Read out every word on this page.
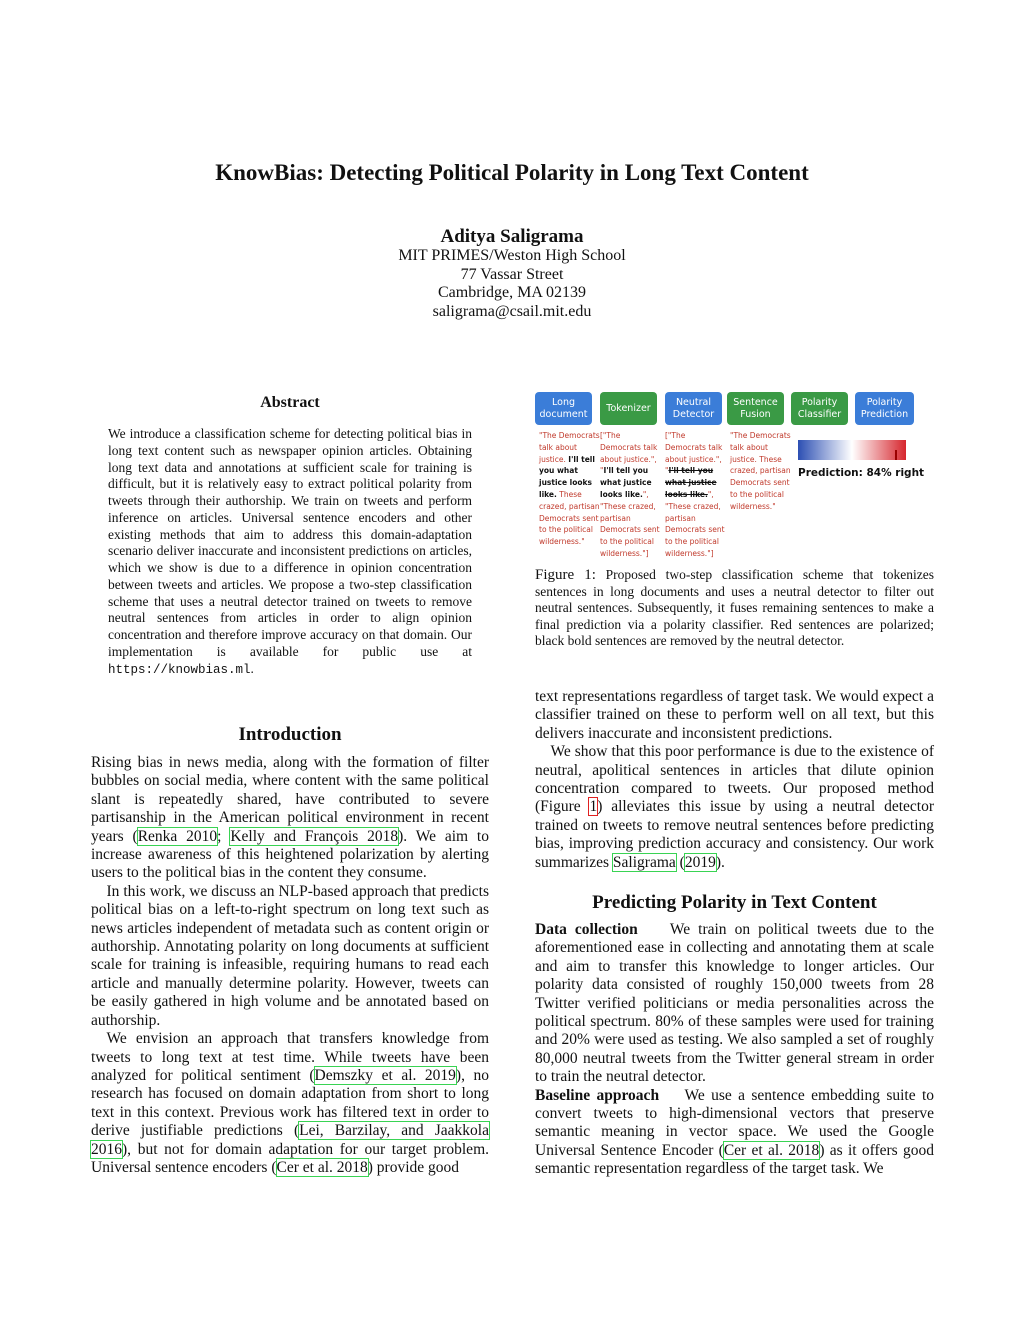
KnowBias: Detecting Political Polarity in Long Text Content
Aditya Saligrama
MIT PRIMES/Weston High School
77 Vassar Street
Cambridge, MA 02139
saligrama@csail.mit.edu
Abstract
We introduce a classification scheme for detecting political bias in long text content such as newspaper opinion articles. Obtaining long text data and annotations at sufficient scale for training is difficult, but it is relatively easy to extract political polarity from tweets through their authorship. We train on tweets and perform inference on articles. Universal sentence encoders and other existing methods that aim to address this domain-adaptation scenario deliver inaccurate and inconsistent predictions on articles, which we show is due to a difference in opinion concentration between tweets and articles. We propose a two-step classification scheme that uses a neutral detector trained on tweets to remove neutral sentences from articles in order to align opinion concentration and therefore improve accuracy on that domain. Our implementation is available for public use at https://knowbias.ml.
Introduction

Rising bias in news media, along with the formation of filter bubbles on social media, where content with the same political slant is repeatedly shared, have contributed to severe partisanship in the American political environment in recent years (Renka 2010; Kelly and François 2018). We aim to increase awareness of this heightened polarization by alerting users to the political bias in the content they consume.

In this work, we discuss an NLP-based approach that predicts political bias on a left-to-right spectrum on long text such as news articles independent of metadata such as content origin or authorship. Annotating polarity on long documents at sufficient scale for training is infeasible, requiring humans to read each article and manually determine polarity. However, tweets can be easily gathered in high volume and be annotated based on authorship.

We envision an approach that transfers knowledge from tweets to long text at test time. While tweets have been analyzed for political sentiment (Demszky et al. 2019), no research has focused on domain adaptation from short to long text in this context. Previous work has filtered text in order to derive justifiable predictions (Lei, Barzilay, and Jaakkola 2016), but not for domain adaptation for our target problem. Universal sentence encoders (Cer et al. 2018) provide good

Long
document
Tokenizer
Neutral
Detector
Sentence
Fusion
Polarity
Classifier
Polarity
Prediction
"The Democrats talk about justice. I'll tell you what justice looks like. These crazed, partisan Democrats sent to the political wilderness."
["The Democrats talk about justice.", "I'll tell you what justice looks like.", "These crazed, partisan Democrats sent to the political wilderness."]
["The Democrats talk about justice.", "I'll tell you what justice looks like.", "These crazed, partisan Democrats sent to the political wilderness."]
"The Democrats talk about justice. These crazed, partisan Democrats sent to the political wilderness."
Prediction: 84% right
Figure 1: Proposed two-step classification scheme that tokenizes sentences in long documents and uses a neutral detector to filter out neutral sentences. Subsequently, it fuses remaining sentences to make a final prediction via a polarity classifier. Red sentences are polarized; black bold sentences are removed by the neutral detector.

text representations regardless of target task. We would expect a classifier trained on these to perform well on all text, but this delivers inaccurate and inconsistent predictions.

We show that this poor performance is due to the existence of neutral, apolitical sentences in articles that dilute opinion concentration compared to tweets. Our proposed method (Figure 1) alleviates this issue by using a neutral detector trained on tweets to remove neutral sentences before predicting bias, improving prediction accuracy and consistency. Our work summarizes Saligrama (2019).

Predicting Polarity in Text Content

Data collection We train on political tweets due to the aforementioned ease in collecting and annotating them at scale and aim to transfer this knowledge to longer articles. Our polarity data consisted of roughly 150,000 tweets from 28 Twitter verified politicians or media personalities across the political spectrum. 80% of these samples were used for training and 20% were used as testing. We also sampled a set of roughly 80,000 neutral tweets from the Twitter general stream in order to train the neutral detector.

Baseline approach We use a sentence embedding suite to convert tweets to high-dimensional vectors that preserve semantic meaning in vector space. We used the Google Universal Sentence Encoder (Cer et al. 2018) as it offers good semantic representation regardless of the target task. We
